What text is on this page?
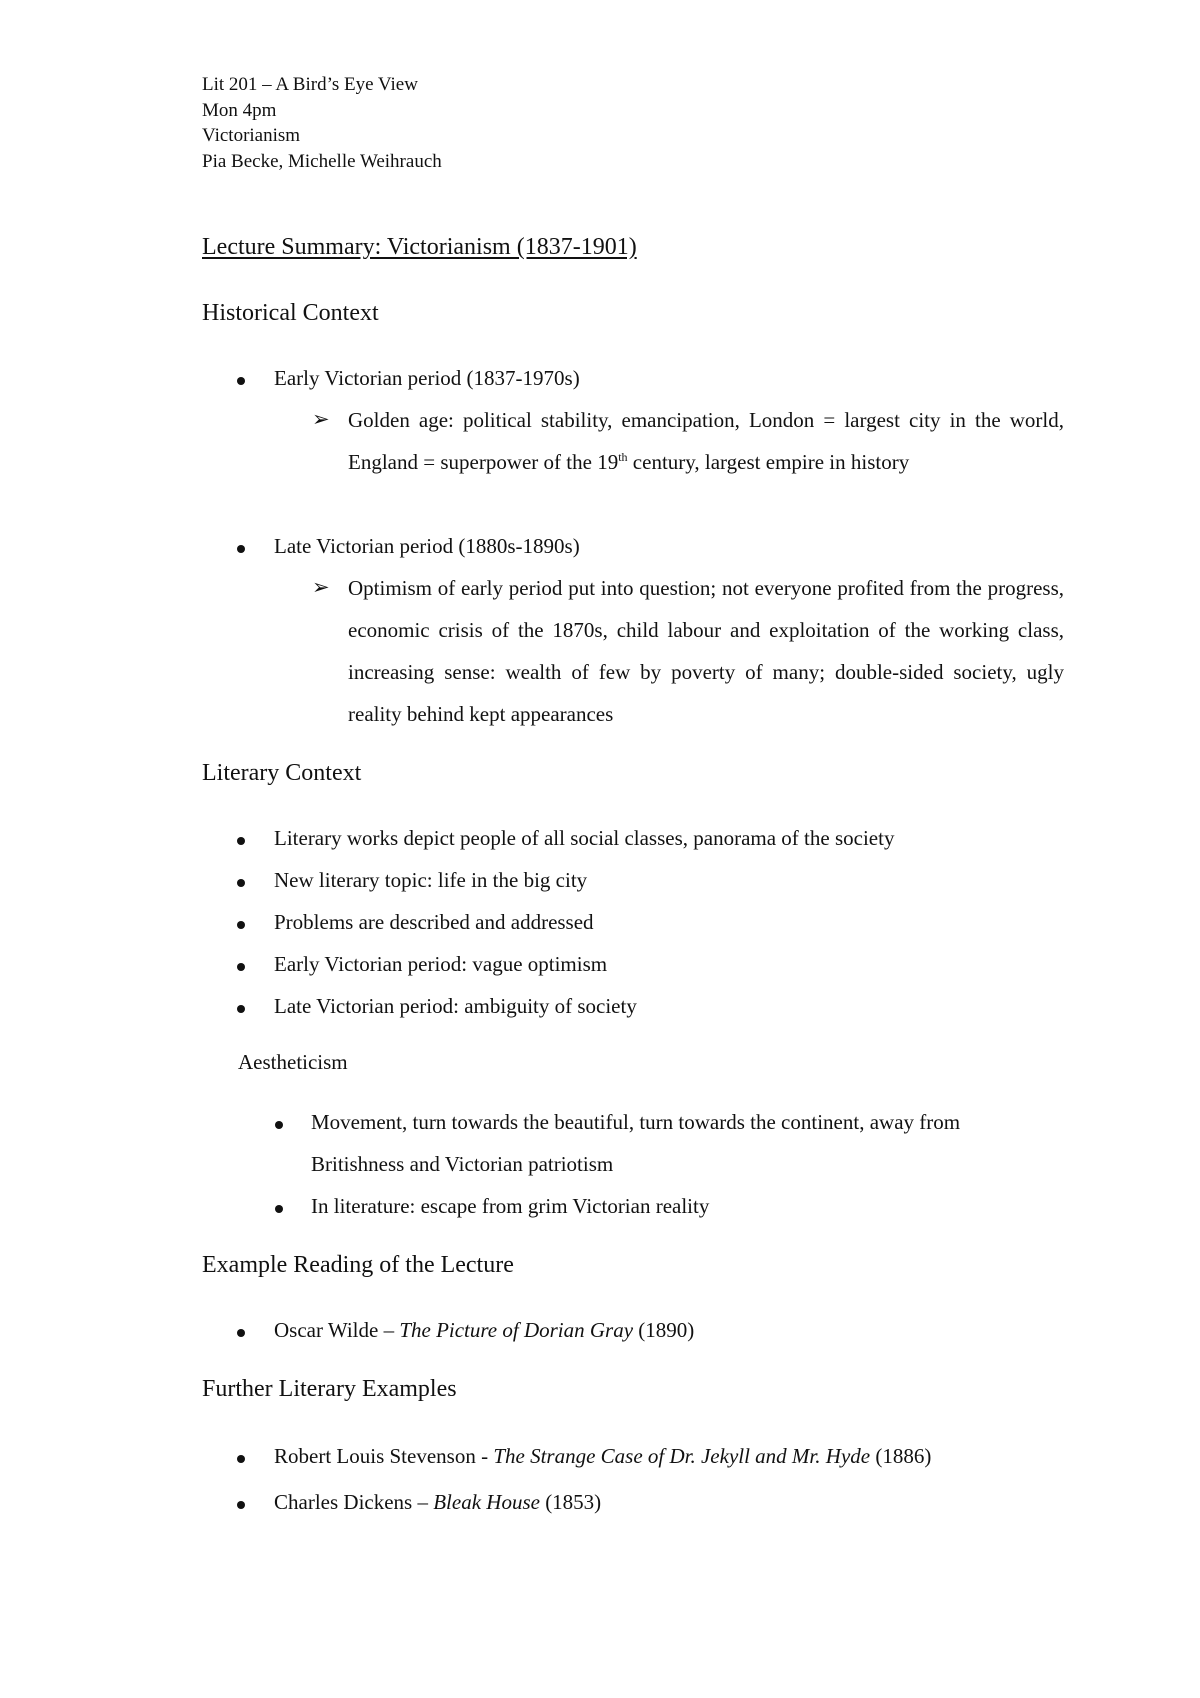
Lit 201 – A Bird’s Eye View
Mon 4pm
Victorianism
Pia Becke, Michelle Weihrauch
Lecture Summary: Victorianism (1837-1901)
Historical Context
Early Victorian period (1837-1970s)
➢ Golden age: political stability, emancipation, London = largest city in the world, England = superpower of the 19th century, largest empire in history
Late Victorian period (1880s-1890s)
➢ Optimism of early period put into question; not everyone profited from the progress, economic crisis of the 1870s, child labour and exploitation of the working class, increasing sense: wealth of few by poverty of many; double-sided society, ugly reality behind kept appearances
Literary Context
Literary works depict people of all social classes, panorama of the society
New literary topic: life in the big city
Problems are described and addressed
Early Victorian period: vague optimism
Late Victorian period: ambiguity of society
Aestheticism
Movement, turn towards the beautiful, turn towards the continent, away from
Britishness and Victorian patriotism
In literature: escape from grim Victorian reality
Example Reading of the Lecture
Oscar Wilde – The Picture of Dorian Gray (1890)
Further Literary Examples
Robert Louis Stevenson - The Strange Case of Dr. Jekyll and Mr. Hyde (1886)
Charles Dickens – Bleak House (1853)
